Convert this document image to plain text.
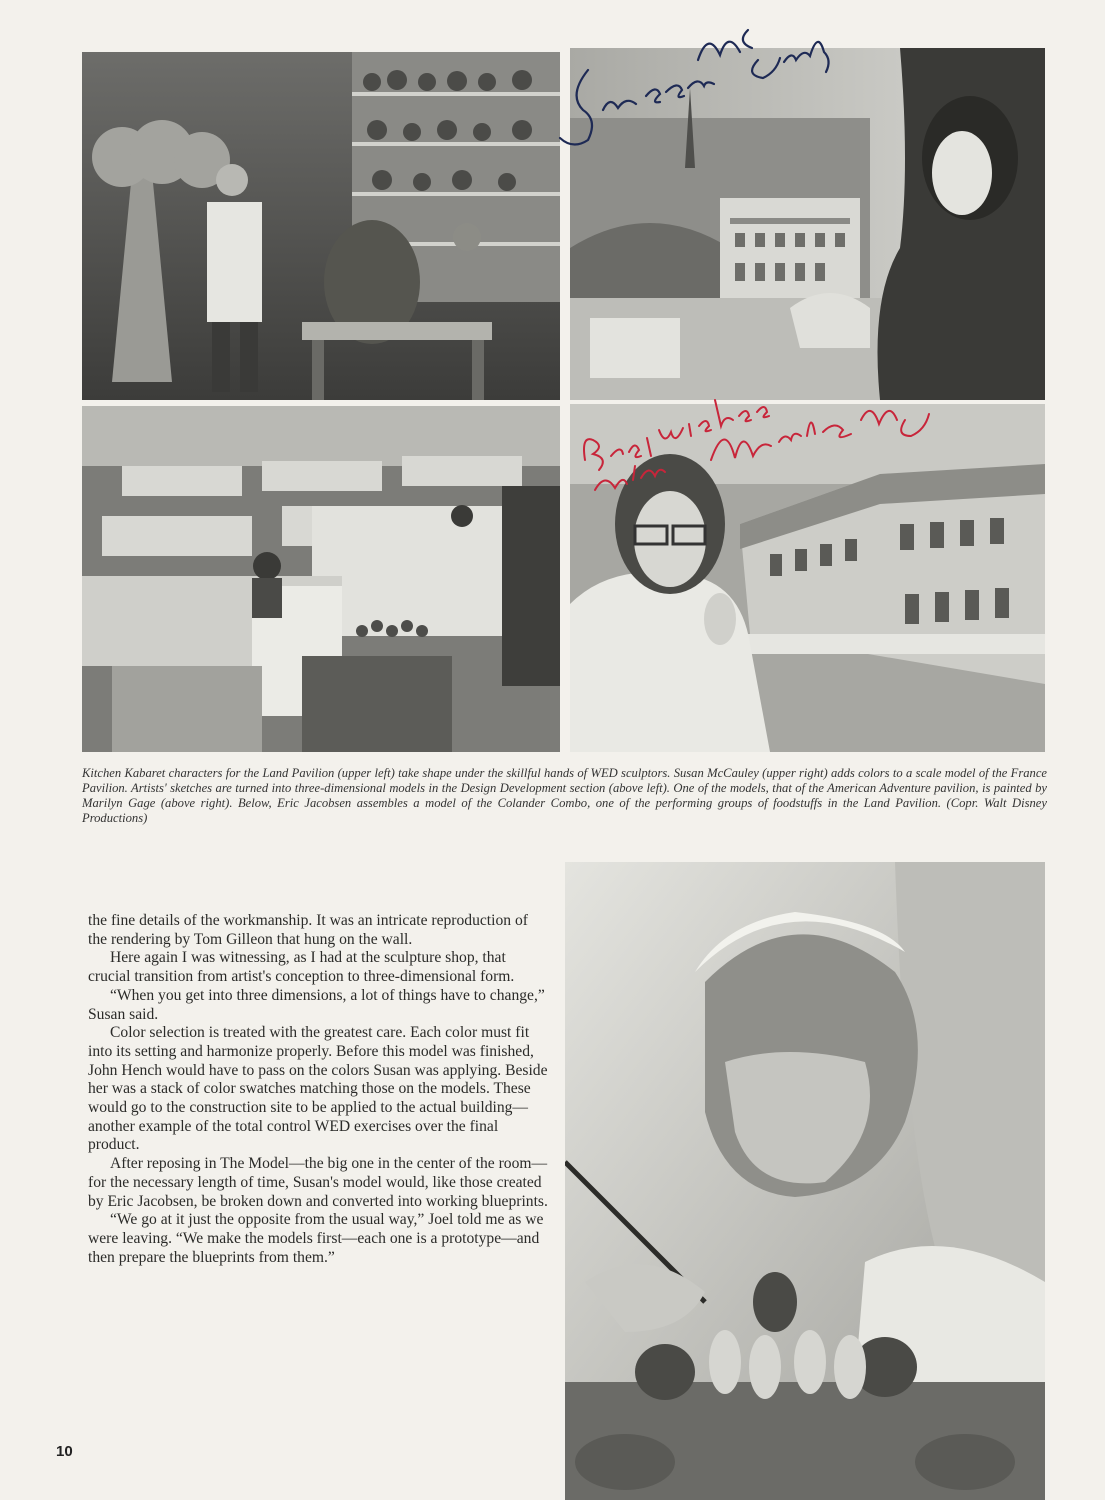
Susan McCauley

Kitchen Kabaret characters for the Land Pavilion (upper left) take shape under the skillful hands of WED sculptors. Susan McCauley (upper right) adds colors to a scale model of the France Pavilion. Artists' sketches are turned into three-dimensional models in the Design Development section (above left). One of the models, that of the American Adventure pavilion, is painted by Marilyn Gage (above right). Below, Eric Jacobsen assembles a model of the Colander Combo, one of the performing groups of foodstuffs in the Land Pavilion. (Copr. Walt Disney Productions)

the fine details of the workmanship. It was an intricate reproduction of the rendering by Tom Gilleon that hung on the wall.

Here again I was witnessing, as I had at the sculpture shop, that crucial transition from artist's conception to three-dimensional form.

“When you get into three dimensions, a lot of things have to change,” Susan said.

Color selection is treated with the greatest care. Each color must fit into its setting and harmonize properly. Before this model was finished, John Hench would have to pass on the colors Susan was applying. Beside her was a stack of color swatches matching those on the models. These would go to the construction site to be applied to the actual building—another example of the total control WED exercises over the final product.

After reposing in The Model—the big one in the center of the room—for the necessary length of time, Susan's model would, like those created by Eric Jacobsen, be broken down and converted into working blueprints.

“We go at it just the opposite from the usual way,” Joel told me as we were leaving. “We make the models first—each one is a prototype—and then prepare the blueprints from them.”

10
